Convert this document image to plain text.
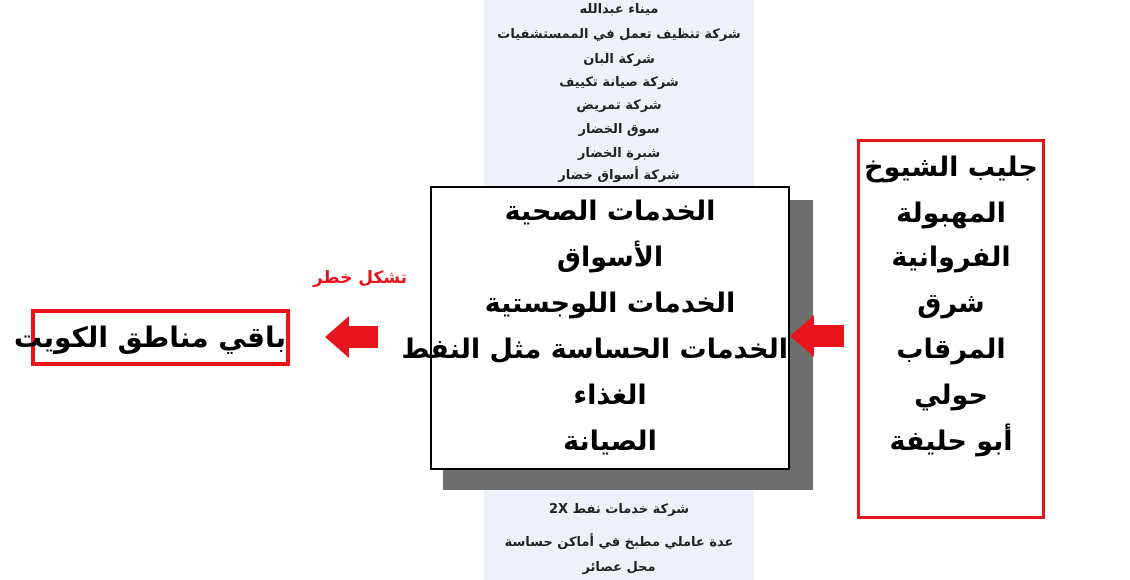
ميناء عبدالله
شركة تنظيف تعمل في الممستشفيات
شركة البان
شركة صيانة تكييف
شركة تمريض
سوق الخضار
شبرة الخضار
شركة أسواق خضار
شركة خدمات نفط 2X
عدة عاملي مطبخ في أماكن حساسة
محل عصائر
الخدمات الصحية
الأسواق
الخدمات اللوجستية
الخدمات الحساسة مثل النفط
الغذاء
الصيانة
جليب الشيوخ
المهبولة
الفروانية
شرق
المرقاب
حولي
أبو حليفة
تشكل خطر
باقي مناطق الكويت
